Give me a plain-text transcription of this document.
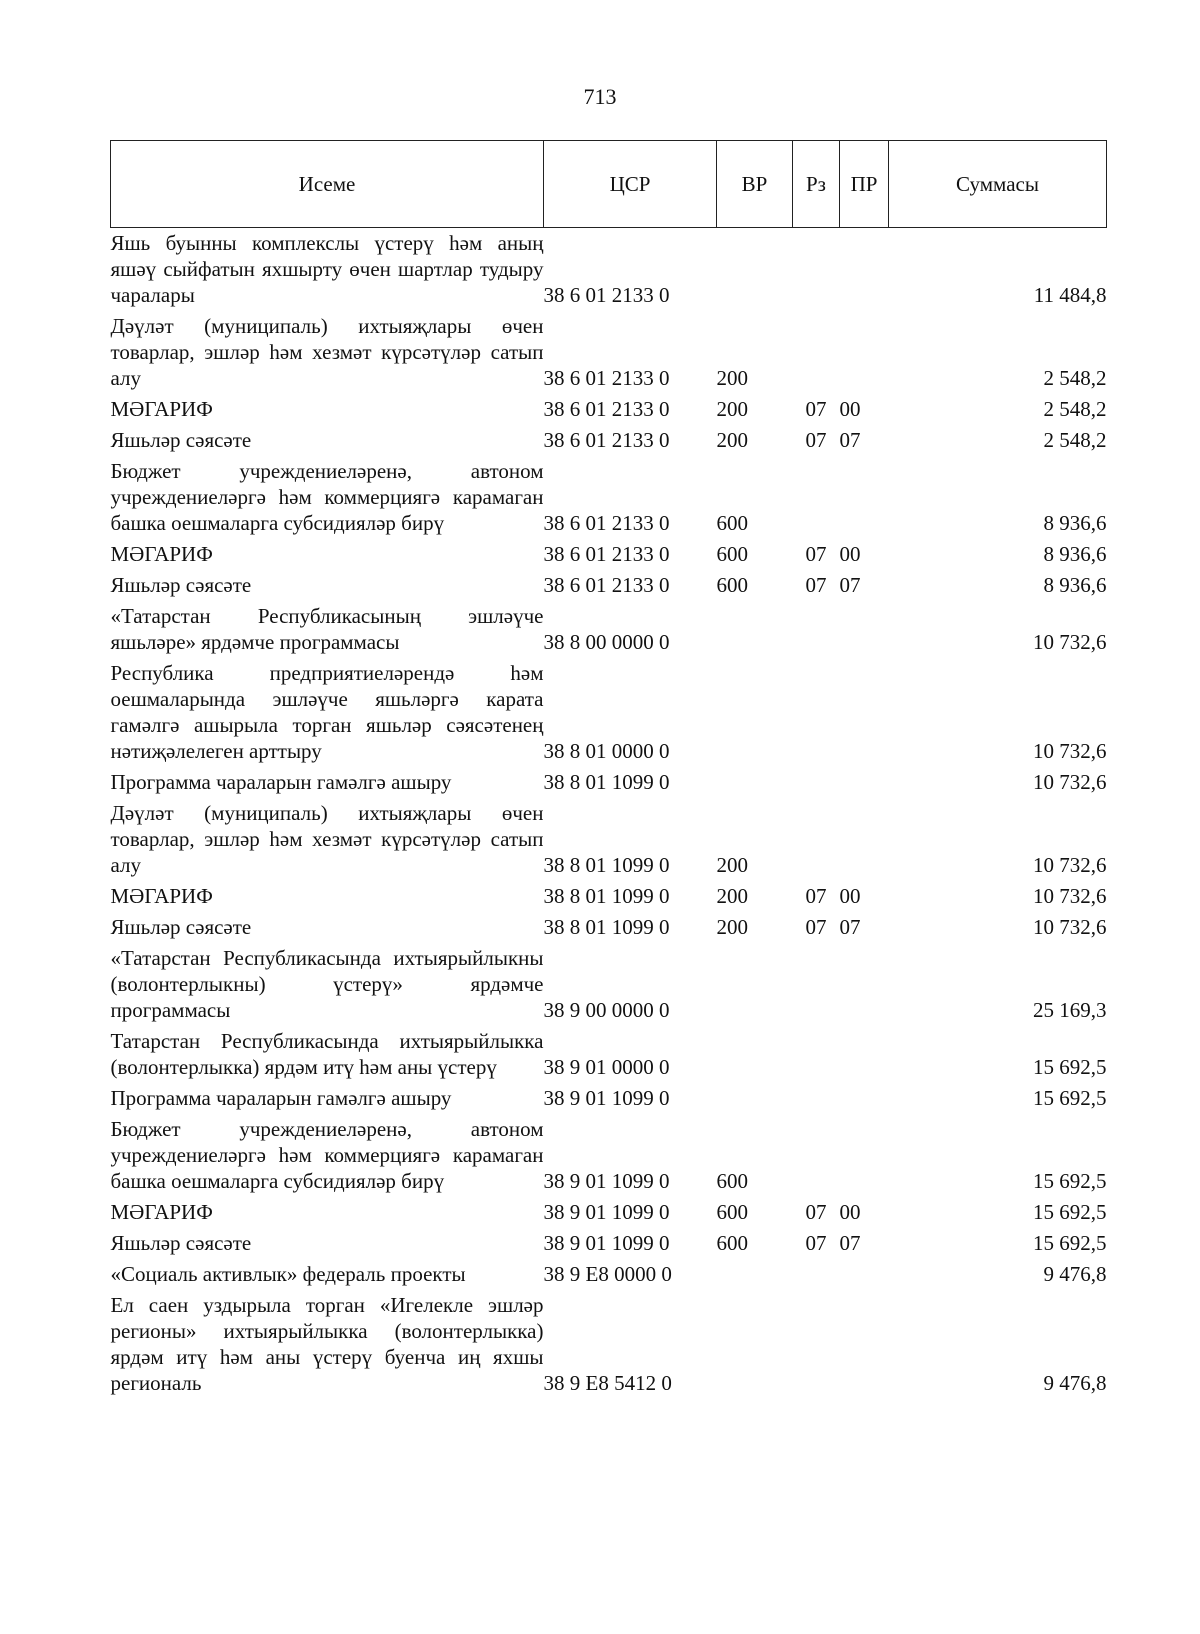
713
Исеме	ЦСР	ВР	Рз	ПР	Суммасы
Яшь буынны комплекслы үстерү һәм аның яшәү сыйфатын яхшырту өчен шартлар тудыру чаралары	38 6 01 2133 0				11 484,8
Дәүләт (муниципаль) ихтыяҗлары өчен товарлар, эшләр һәм хезмәт күрсәтүләр сатып алу	38 6 01 2133 0	200			2 548,2
МӘГАРИФ	38 6 01 2133 0	200	07	00	2 548,2
Яшьләр сәясәте	38 6 01 2133 0	200	07	07	2 548,2
Бюджет учреждениеләренә, автоном учреждениеләргә һәм коммерциягә карамаган башка оешмаларга субсидияләр бирү	38 6 01 2133 0	600			8 936,6
МӘГАРИФ	38 6 01 2133 0	600	07	00	8 936,6
Яшьләр сәясәте	38 6 01 2133 0	600	07	07	8 936,6
«Татарстан Республикасының эшләүче яшьләре» ярдәмче программасы	38 8 00 0000 0				10 732,6
Республика предприятиеләрендә һәм оешмаларында эшләүче яшьләргә карата гамәлгә ашырыла торган яшьләр сәясәтенең нәтиҗәлелеген арттыру	38 8 01 0000 0				10 732,6
Программа чараларын гамәлгә ашыру	38 8 01 1099 0				10 732,6
Дәүләт (муниципаль) ихтыяҗлары өчен товарлар, эшләр һәм хезмәт күрсәтүләр сатып алу	38 8 01 1099 0	200			10 732,6
МӘГАРИФ	38 8 01 1099 0	200	07	00	10 732,6
Яшьләр сәясәте	38 8 01 1099 0	200	07	07	10 732,6
«Татарстан Республикасында ихтыярыйлыкны (волонтерлыкны) үстерү» ярдәмче программасы	38 9 00 0000 0				25 169,3
Татарстан Республикасында ихтыярыйлыкка (волонтерлыкка) ярдәм итү һәм аны үстерү	38 9 01 0000 0				15 692,5
Программа чараларын гамәлгә ашыру	38 9 01 1099 0				15 692,5
Бюджет учреждениеләренә, автоном учреждениеләргә һәм коммерциягә карамаган башка оешмаларга субсидияләр бирү	38 9 01 1099 0	600			15 692,5
МӘГАРИФ	38 9 01 1099 0	600	07	00	15 692,5
Яшьләр сәясәте	38 9 01 1099 0	600	07	07	15 692,5
«Социаль активлык» федераль проекты	38 9 E8 0000 0				9 476,8
Ел саен уздырыла торган «Игелекле эшләр регионы» ихтыярыйлыкка (волонтерлыкка) ярдәм итү һәм аны үстерү буенча иң яхшы региональ	38 9 E8 5412 0				9 476,8
